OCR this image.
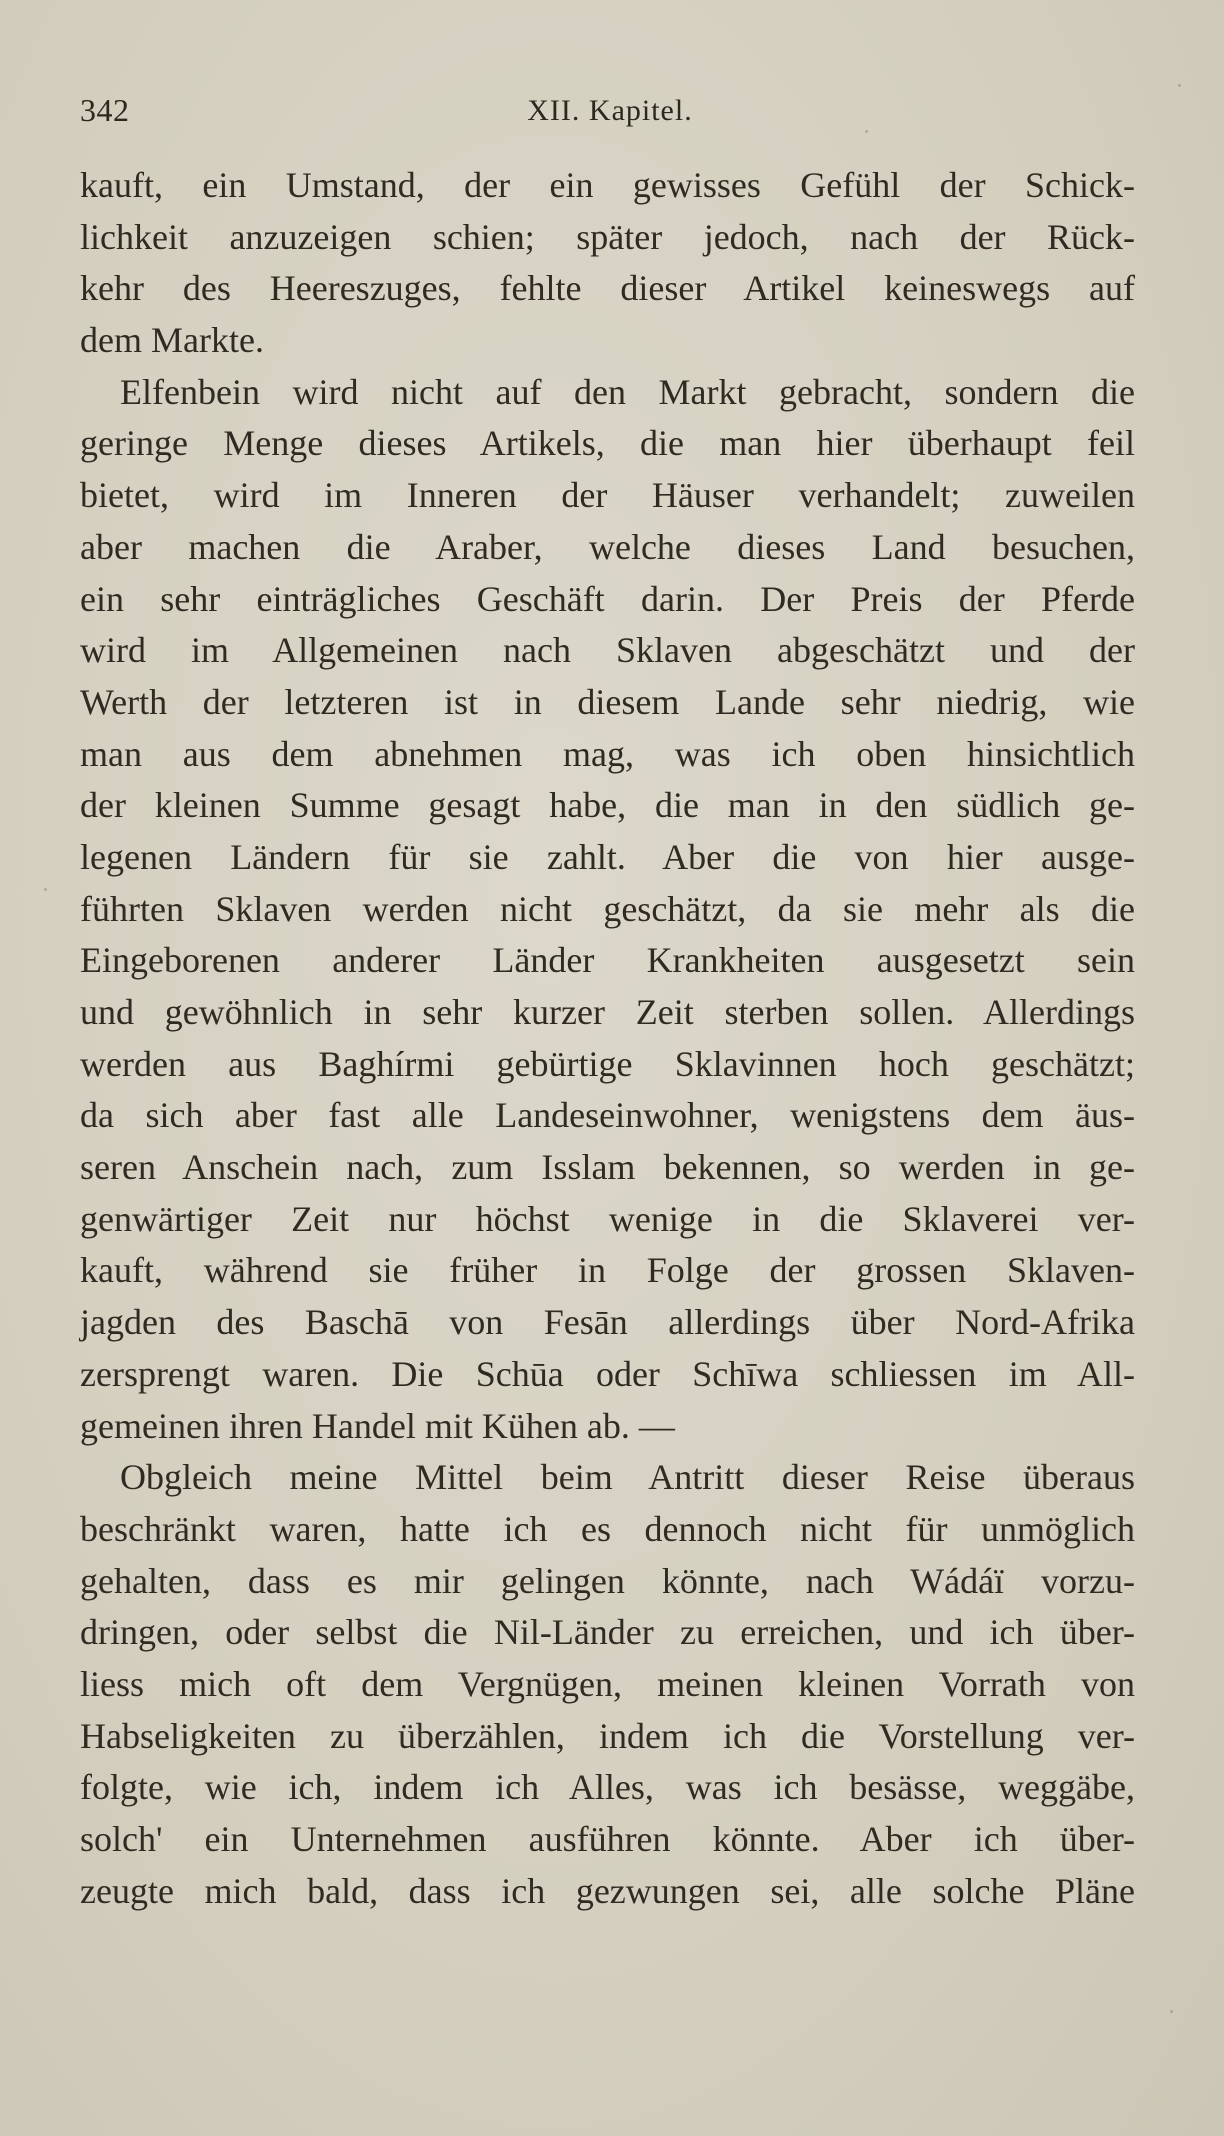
342	XII. Kapitel.
kauft, ein Umstand, der ein gewisses Gefühl der Schick-
lichkeit anzuzeigen schien; später jedoch, nach der Rück-
kehr des Heereszuges, fehlte dieser Artikel keineswegs auf
dem Markte.
Elfenbein wird nicht auf den Markt gebracht, sondern die
geringe Menge dieses Artikels, die man hier überhaupt feil
bietet, wird im Inneren der Häuser verhandelt; zuweilen
aber machen die Araber, welche dieses Land besuchen,
ein sehr einträgliches Geschäft darin. Der Preis der Pferde
wird im Allgemeinen nach Sklaven abgeschätzt und der
Werth der letzteren ist in diesem Lande sehr niedrig, wie
man aus dem abnehmen mag, was ich oben hinsichtlich
der kleinen Summe gesagt habe, die man in den südlich ge-
legenen Ländern für sie zahlt. Aber die von hier ausge-
führten Sklaven werden nicht geschätzt, da sie mehr als die
Eingeborenen anderer Länder Krankheiten ausgesetzt sein
und gewöhnlich in sehr kurzer Zeit sterben sollen. Allerdings
werden aus Baghírmi gebürtige Sklavinnen hoch geschätzt;
da sich aber fast alle Landeseinwohner, wenigstens dem äus-
seren Anschein nach, zum Isslam bekennen, so werden in ge-
genwärtiger Zeit nur höchst wenige in die Sklaverei ver-
kauft, während sie früher in Folge der grossen Sklaven-
jagden des Baschā von Fesān allerdings über Nord-Afrika
zersprengt waren. Die Schūa oder Schīwa schliessen im All-
gemeinen ihren Handel mit Kühen ab. —
Obgleich meine Mittel beim Antritt dieser Reise überaus
beschränkt waren, hatte ich es dennoch nicht für unmöglich
gehalten, dass es mir gelingen könnte, nach Wádáï vorzu-
dringen, oder selbst die Nil-Länder zu erreichen, und ich über-
liess mich oft dem Vergnügen, meinen kleinen Vorrath von
Habseligkeiten zu überzählen, indem ich die Vorstellung ver-
folgte, wie ich, indem ich Alles, was ich besässe, weggäbe,
solch' ein Unternehmen ausführen könnte. Aber ich über-
zeugte mich bald, dass ich gezwungen sei, alle solche Pläne
